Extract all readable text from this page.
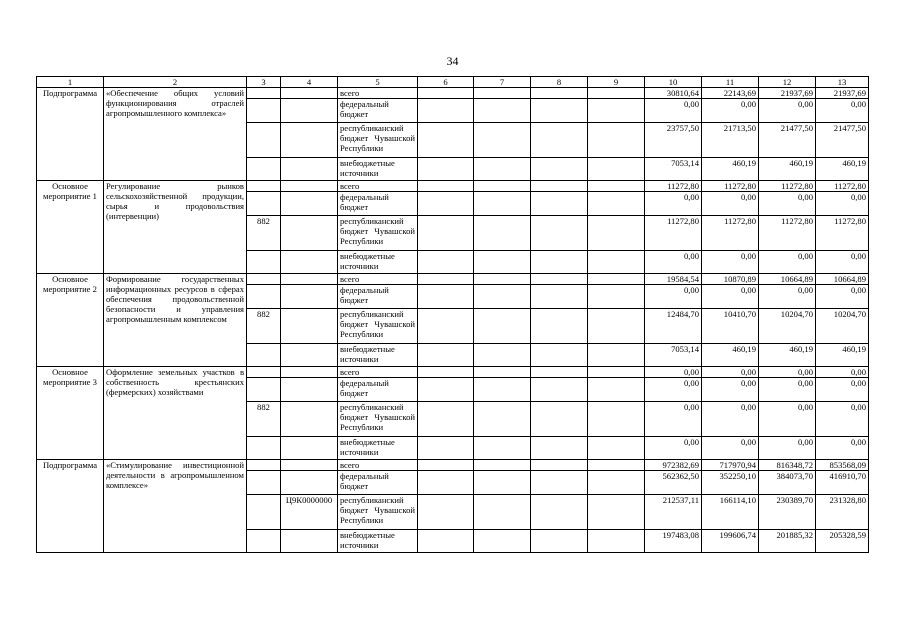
34
1	2	3	4	5	6	7	8	9	10	11	12	13
Подпрограмма	«Обеспечение общих условий функционирования отраслей агропромышленного комплекса»			всего					30810,64	22143,69	21937,69	21937,69
				федеральный бюджет					0,00	0,00	0,00	0,00
				республиканский бюджет Чувашской Республики					23757,50	21713,50	21477,50	21477,50
				внебюджетные источники					7053,14	460,19	460,19	460,19
Основное мероприятие 1	Регулирование рынков сельскохозяйственной продукции, сырья и продовольствия (интервенции)			всего					11272,80	11272,80	11272,80	11272,80
				федеральный бюджет					0,00	0,00	0,00	0,00
		882		республиканский бюджет Чувашской Республики					11272,80	11272,80	11272,80	11272,80
				внебюджетные источники					0,00	0,00	0,00	0,00
Основное мероприятие 2	Формирование государственных информационных ресурсов в сферах обеспечения продовольственной безопасности и управления агропромышленным комплексом			всего					19584,54	10870,89	10664,89	10664,89
				федеральный бюджет					0,00	0,00	0,00	0,00
		882		республиканский бюджет Чувашской Республики					12484,70	10410,70	10204,70	10204,70
				внебюджетные источники					7053,14	460,19	460,19	460,19
Основное мероприятие 3	Оформление земельных участков в собственность крестьянских (фермерских) хозяйствами			всего					0,00	0,00	0,00	0,00
				федеральный бюджет					0,00	0,00	0,00	0,00
		882		республиканский бюджет Чувашской Республики					0,00	0,00	0,00	0,00
				внебюджетные источники					0,00	0,00	0,00	0,00
Подпрограмма	«Стимулирование инвестиционной деятельности в агропромышленном комплексе»			всего					972382,69	717970,94	816348,72	853568,09
				федеральный бюджет					562362,50	352250,10	384073,70	416910,70
			Ц9К0000000	республиканский бюджет Чувашской Республики					212537,11	166114,10	230389,70	231328,80
				внебюджетные источники					197483,08	199606,74	201885,32	205328,59
